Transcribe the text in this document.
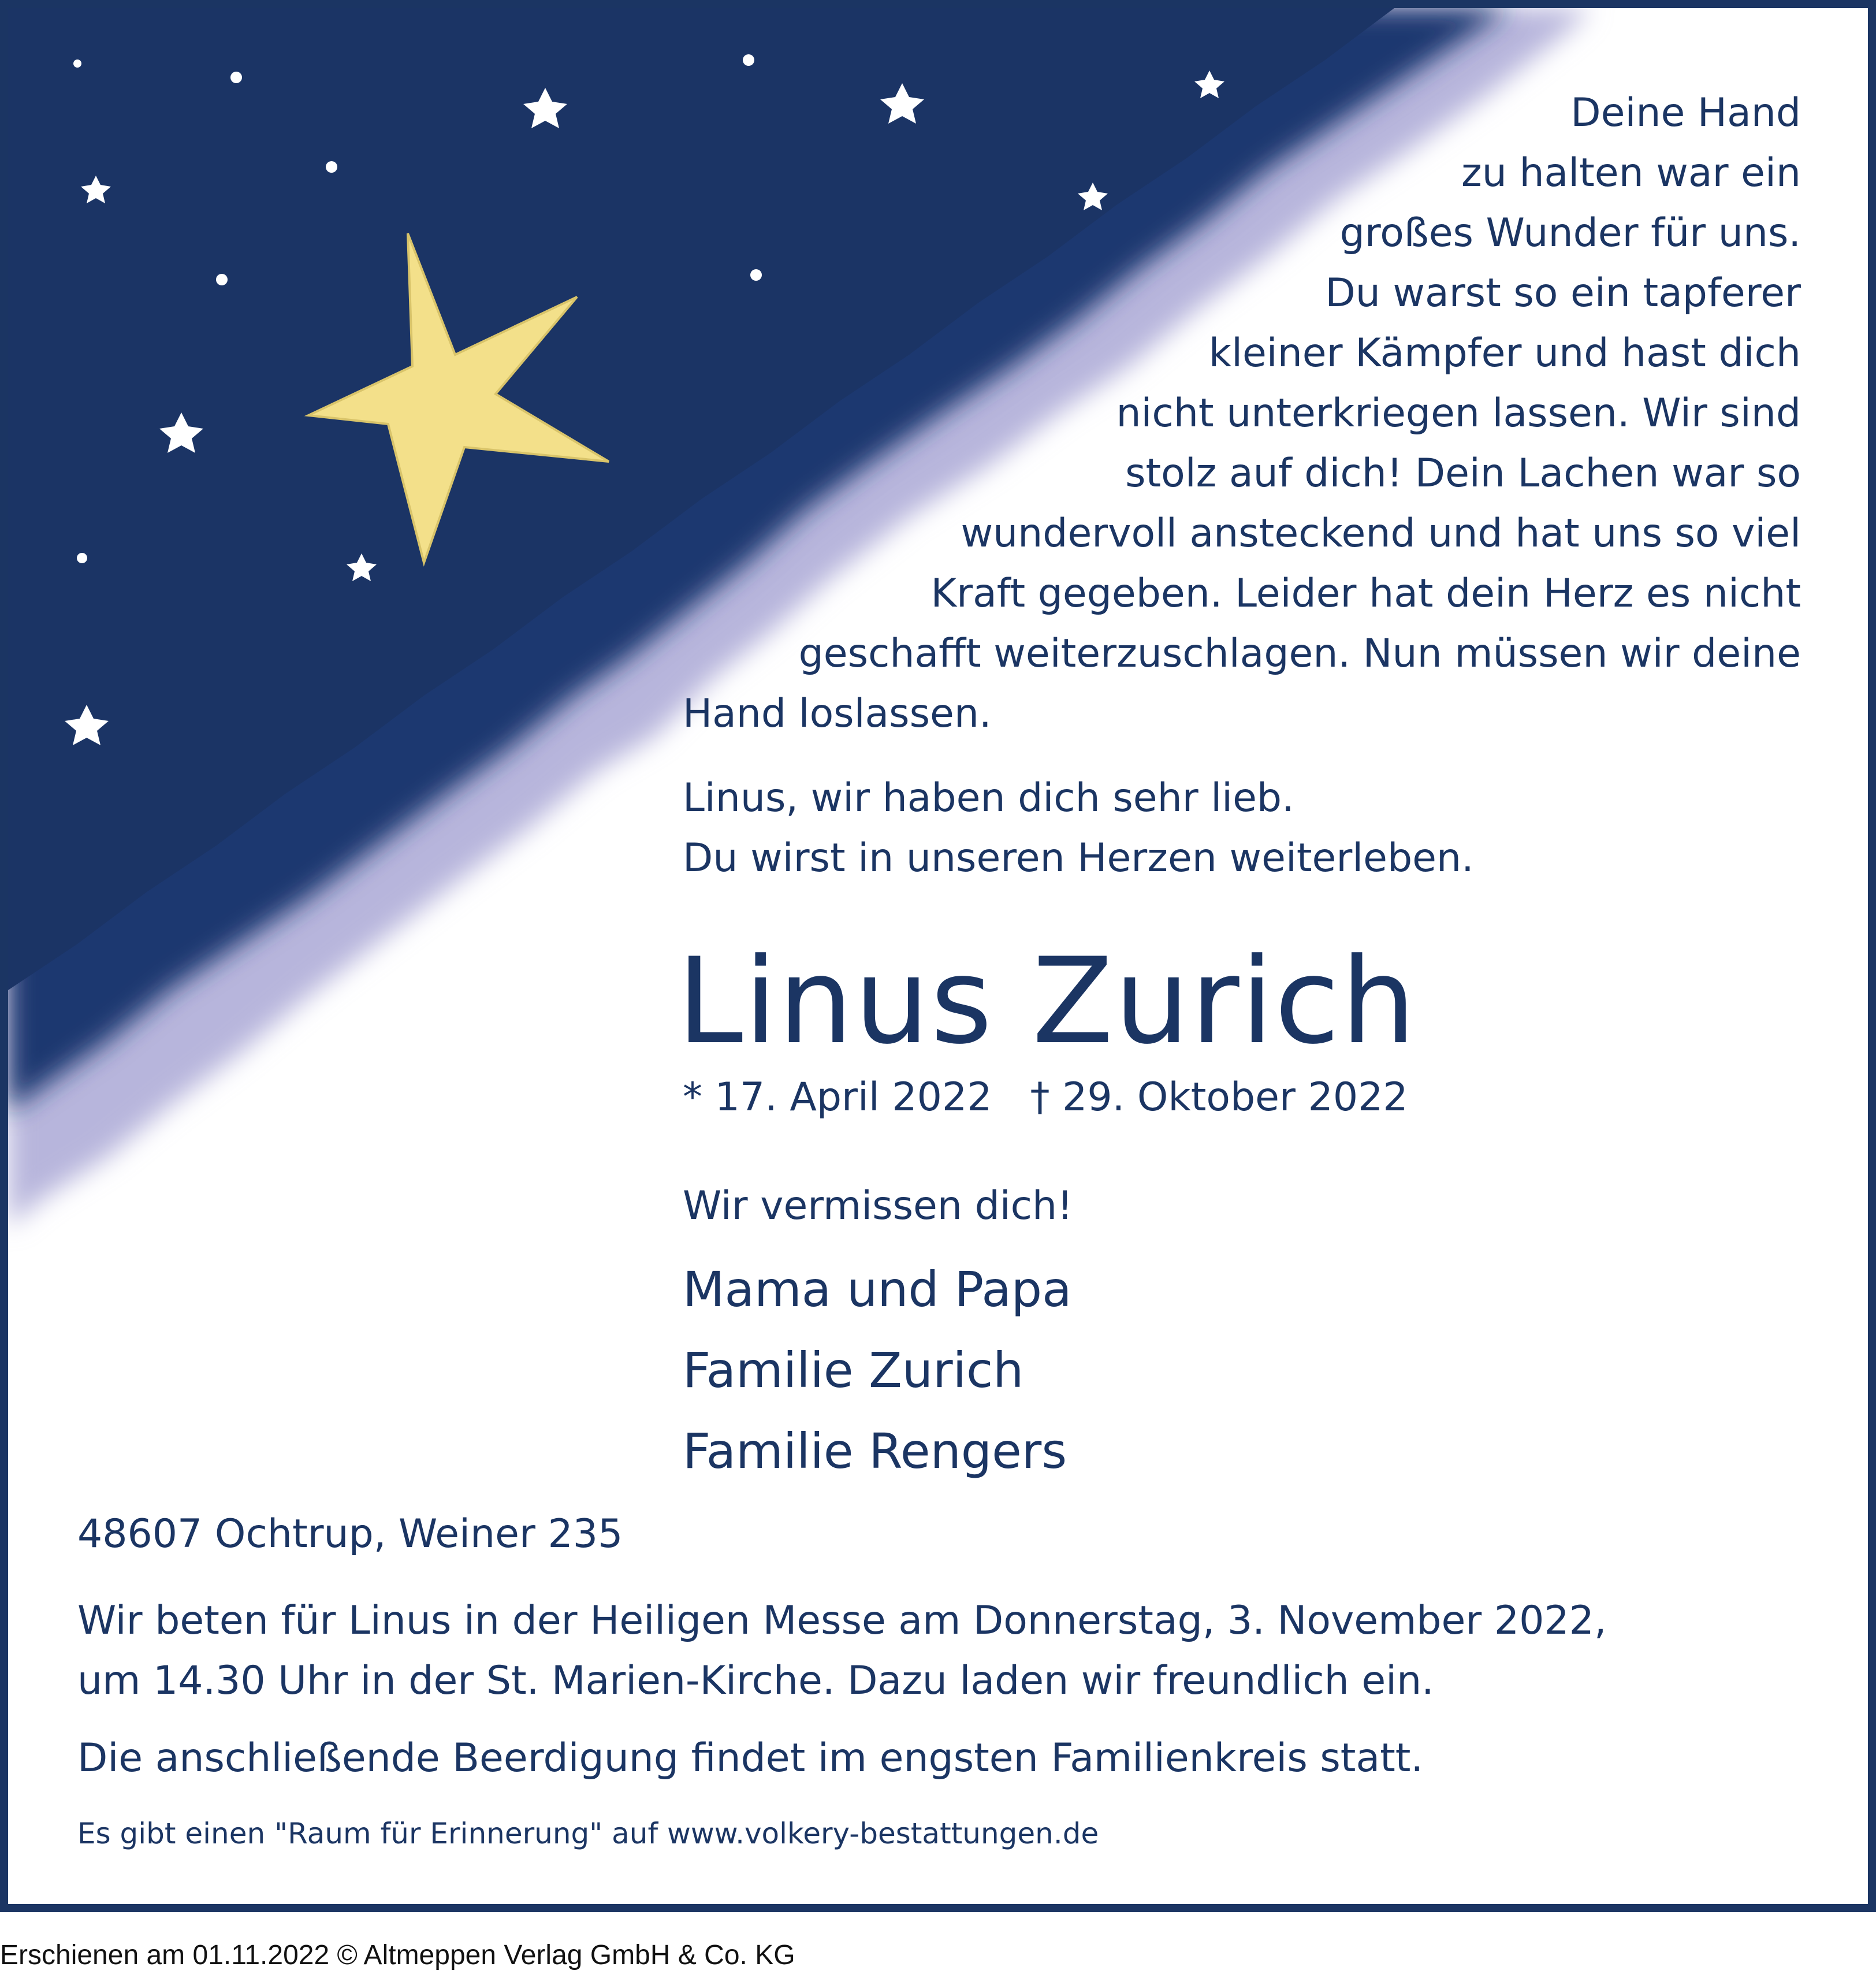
Deine Hand

zu halten war ein

großes Wunder für uns.

Du warst so ein tapferer

kleiner Kämpfer und hast dich

nicht unterkriegen lassen. Wir sind

stolz auf dich! Dein Lachen war so

wundervoll ansteckend und hat uns so viel

Kraft gegeben. Leider hat dein Herz es nicht

geschafft weiterzuschlagen. Nun müssen wir deine

Hand loslassen.

Linus, wir haben dich sehr lieb.
Du wirst in unseren Herzen weiterleben.
Linus Zurich
* 17. April 2022 † 29. Oktober 2022
Wir vermissen dich!
Mama und Papa
Familie Zurich
Familie Rengers
48607 Ochtrup, Weiner 235
Wir beten für Linus in der Heiligen Messe am Donnerstag, 3. November 2022,
um 14.30 Uhr in der St. Marien-Kirche. Dazu laden wir freundlich ein.
Die anschließende Beerdigung findet im engsten Familienkreis statt.
Es gibt einen "Raum für Erinnerung" auf www.volkery-bestattungen.de
Erschienen am 01.11.2022 © Altmeppen Verlag GmbH & Co. KG
